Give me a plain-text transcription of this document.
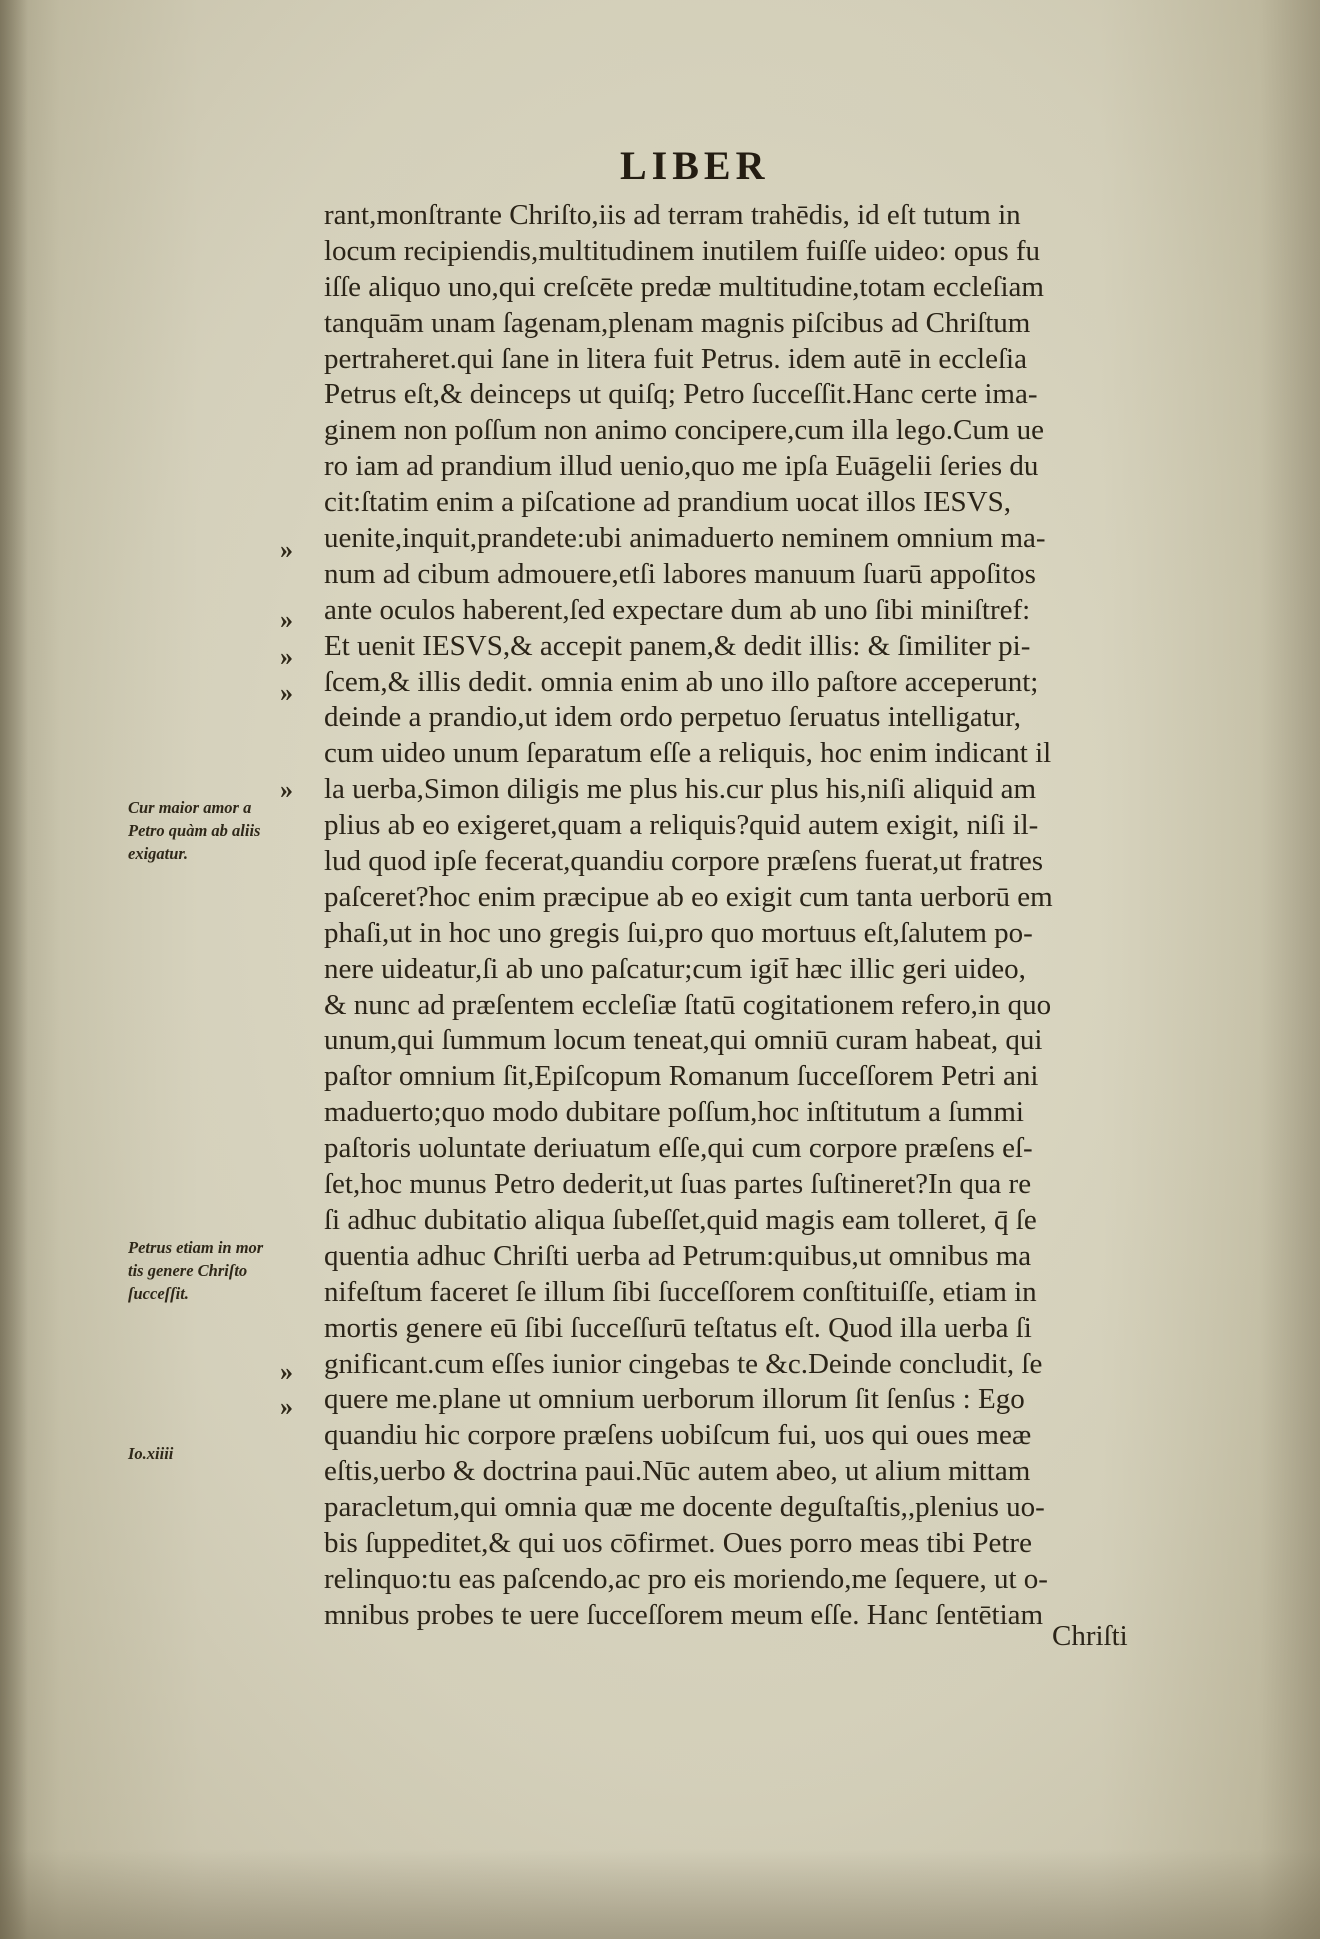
LIBER
rant,monſtrante Chriſto,iis ad terram trahēdis, id eſt tutum in
locum recipiendis,multitudinem inutilem fuiſſe uideo: opus fu
iſſe aliquo uno,qui creſcēte predæ multitudine,totam eccleſiam
tanquām unam ſagenam,plenam magnis piſcibus ad Chriſtum
pertraheret.qui ſane in litera fuit Petrus. idem autē in eccleſia
Petrus eſt,& deinceps ut quiſq; Petro ſucceſſit.Hanc certe ima-
ginem non poſſum non animo concipere,cum illa lego.Cum ue
ro iam ad prandium illud uenio,quo me ipſa Euāgelii ſeries du
cit:ſtatim enim a piſcatione ad prandium uocat illos IESVS,
uenite,inquit,prandete:ubi animaduerto neminem omnium ma-
num ad cibum admouere,etſi labores manuum ſuarū appoſitos
ante oculos haberent,ſed expectare dum ab uno ſibi miniſtref:
Et uenit IESVS,& accepit panem,& dedit illis: & ſimiliter pi-
ſcem,& illis dedit. omnia enim ab uno illo paſtore acceperunt;
deinde a prandio,ut idem ordo perpetuo ſeruatus intelligatur,
cum uideo unum ſeparatum eſſe a reliquis, hoc enim indicant il
la uerba,Simon diligis me plus his.cur plus his,niſi aliquid am
plius ab eo exigeret,quam a reliquis?quid autem exigit, niſi il-
lud quod ipſe fecerat,quandiu corpore præſens fuerat,ut fratres
paſceret?hoc enim præcipue ab eo exigit cum tanta uerborū em
phaſi,ut in hoc uno gregis ſui,pro quo mortuus eſt,ſalutem po-
nere uideatur,ſi ab uno paſcatur;cum igit̄ hæc illic geri uideo,
& nunc ad præſentem eccleſiæ ſtatū cogitationem refero,in quo
unum,qui ſummum locum teneat,qui omniū curam habeat, qui
paſtor omnium ſit,Epiſcopum Romanum ſucceſſorem Petri ani
maduerto;quo modo dubitare poſſum,hoc inſtitutum a ſummi
paſtoris uoluntate deriuatum eſſe,qui cum corpore præſens eſ-
ſet,hoc munus Petro dederit,ut ſuas partes ſuſtineret?In qua re
ſi adhuc dubitatio aliqua ſubeſſet,quid magis eam tolleret, q̄ ſe
quentia adhuc Chriſti uerba ad Petrum:quibus,ut omnibus ma
nifeſtum faceret ſe illum ſibi ſucceſſorem conſtituiſſe, etiam in
mortis genere eū ſibi ſucceſſurū teſtatus eſt. Quod illa uerba ſi
gnificant.cum eſſes iunior cingebas te &c.Deinde concludit, ſe
quere me.plane ut omnium uerborum illorum ſit ſenſus : Ego
quandiu hic corpore præſens uobiſcum fui, uos qui oues meæ
eſtis,uerbo & doctrina paui.Nūc autem abeo, ut alium mittam
paracletum,qui omnia quæ me docente deguſtaſtis,,plenius uo-
bis ſuppeditet,& qui uos cōfirmet. Oues porro meas tibi Petre
relinquo:tu eas paſcendo,ac pro eis moriendo,me ſequere, ut o-
mnibus probes te uere ſucceſſorem meum eſſe. Hanc ſentētiam
Chriſti
Cur maior amor a
Petro quàm ab aliis
exigatur.
Petrus etiam in mor
tis genere Chriſto
ſucceſſit.
Io.xiiii
»
»
»
»
»
»
»
